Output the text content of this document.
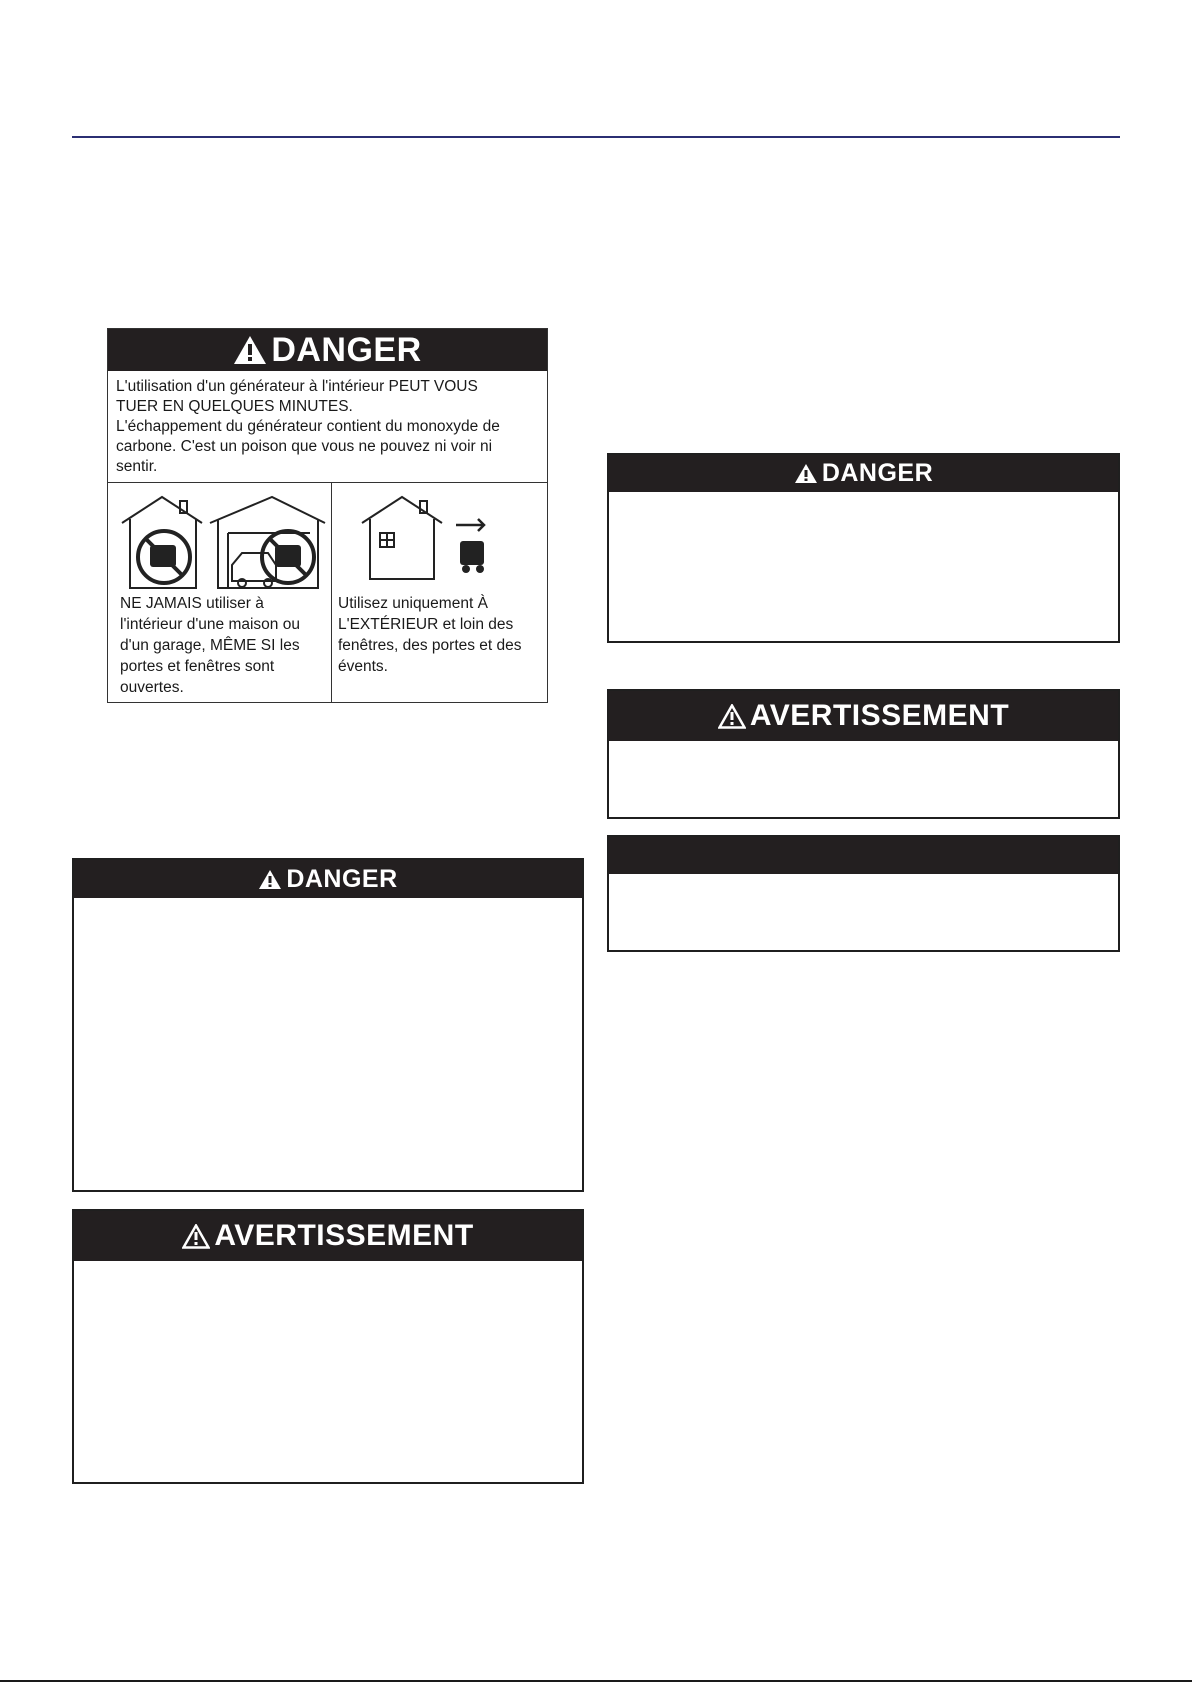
DANGER
L'utilisation d'un générateur à l'intérieur PEUT VOUS
TUER EN QUELQUES MINUTES.
L'échappement du générateur contient du monoxyde de
carbone. C'est un poison que vous ne pouvez ni voir ni
sentir.
NE JAMAIS utiliser à
l'intérieur d'une maison ou
d'un garage, MÊME SI les
portes et fenêtres sont
ouvertes.
Utilisez uniquement À
L'EXTÉRIEUR et loin des
fenêtres, des portes et des
évents.
DANGER
AVERTISSEMENT
DANGER
AVERTISSEMENT
